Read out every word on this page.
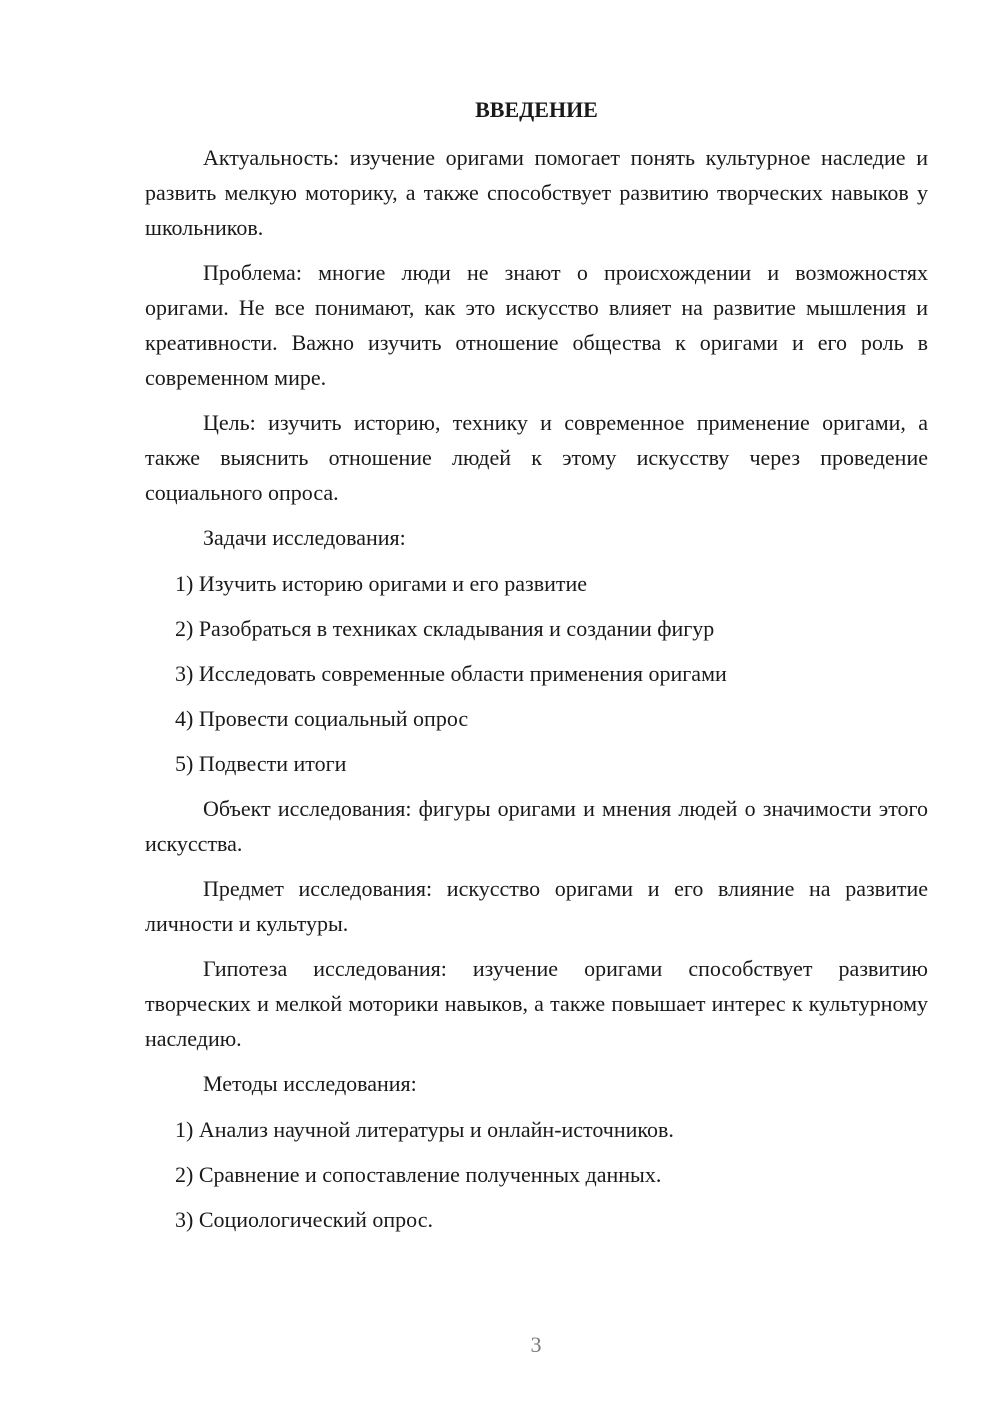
ВВЕДЕНИЕ

Актуальность: изучение оригами помогает понять культурное наследие и развить мелкую моторику, а также способствует развитию творческих навыков у школьников.

Проблема: многие люди не знают о происхождении и возможностях оригами. Не все понимают, как это искусство влияет на развитие мышления и креативности. Важно изучить отношение общества к оригами и его роль в современном мире.

Цель: изучить историю, технику и современное применение оригами, а также выяснить отношение людей к этому искусству через проведение социального опроса.

Задачи исследования:

1) Изучить историю оригами и его развитие
2) Разобраться в техниках складывания и создании фигур
3) Исследовать современные области применения оригами
4) Провести социальный опрос
5) Подвести итоги

Объект исследования: фигуры оригами и мнения людей о значимости этого искусства.

Предмет исследования: искусство оригами и его влияние на развитие личности и культуры.

Гипотеза исследования: изучение оригами способствует развитию творческих и мелкой моторики навыков, а также повышает интерес к культурному наследию.

Методы исследования:

1) Анализ научной литературы и онлайн-источников.
2) Сравнение и сопоставление полученных данных.
3) Социологический опрос.
3
